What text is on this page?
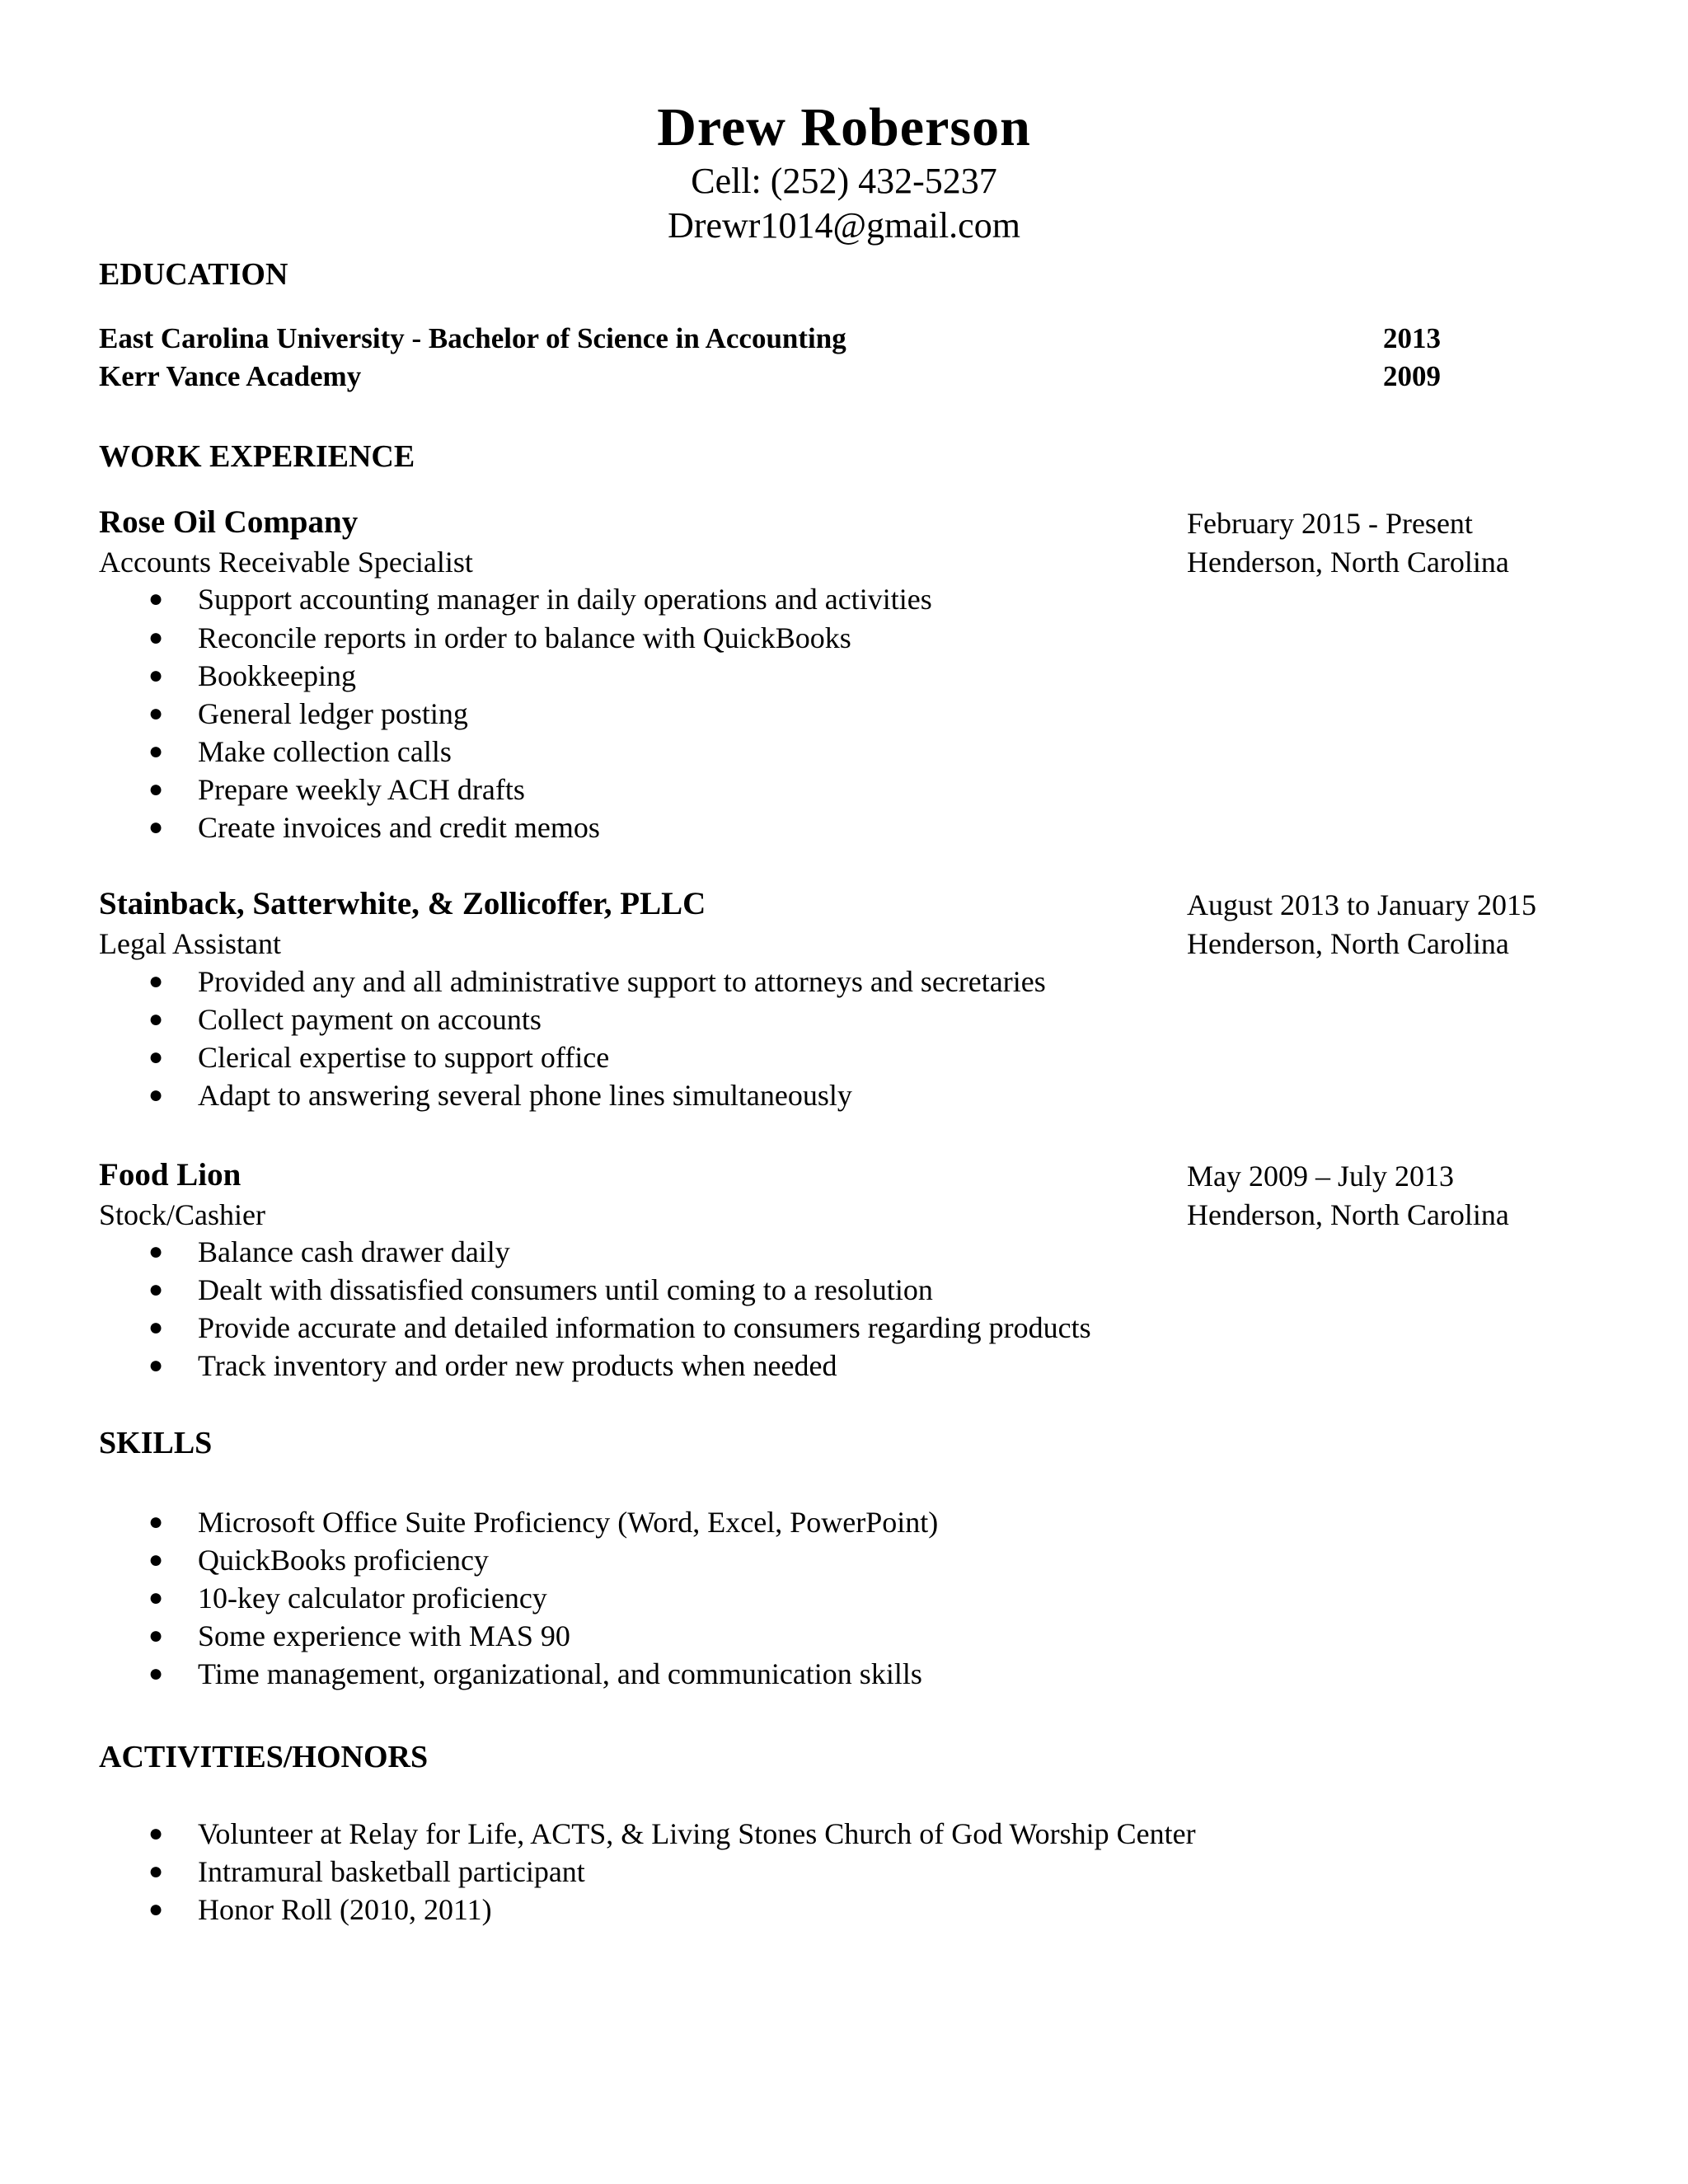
Drew Roberson
Cell: (252) 432-5237
Drewr1014@gmail.com
EDUCATION
East Carolina University - Bachelor of Science in Accounting	2013
Kerr Vance Academy	2009
WORK EXPERIENCE
Rose Oil Company	February 2015 - Present
Accounts Receivable Specialist	Henderson, North Carolina
● Support accounting manager in daily operations and activities
● Reconcile reports in order to balance with QuickBooks
● Bookkeeping
● General ledger posting
● Make collection calls
● Prepare weekly ACH drafts
● Create invoices and credit memos
Stainback, Satterwhite, & Zollicoffer, PLLC	August 2013 to January 2015
Legal Assistant	Henderson, North Carolina
● Provided any and all administrative support to attorneys and secretaries
● Collect payment on accounts
● Clerical expertise to support office
● Adapt to answering several phone lines simultaneously
Food Lion	May 2009 – July 2013
Stock/Cashier	Henderson, North Carolina
● Balance cash drawer daily
● Dealt with dissatisfied consumers until coming to a resolution
● Provide accurate and detailed information to consumers regarding products
● Track inventory and order new products when needed
SKILLS
● Microsoft Office Suite Proficiency (Word, Excel, PowerPoint)
● QuickBooks proficiency
● 10-key calculator proficiency
● Some experience with MAS 90
● Time management, organizational, and communication skills
ACTIVITIES/HONORS
● Volunteer at Relay for Life, ACTS, & Living Stones Church of God Worship Center
● Intramural basketball participant
● Honor Roll (2010, 2011)
